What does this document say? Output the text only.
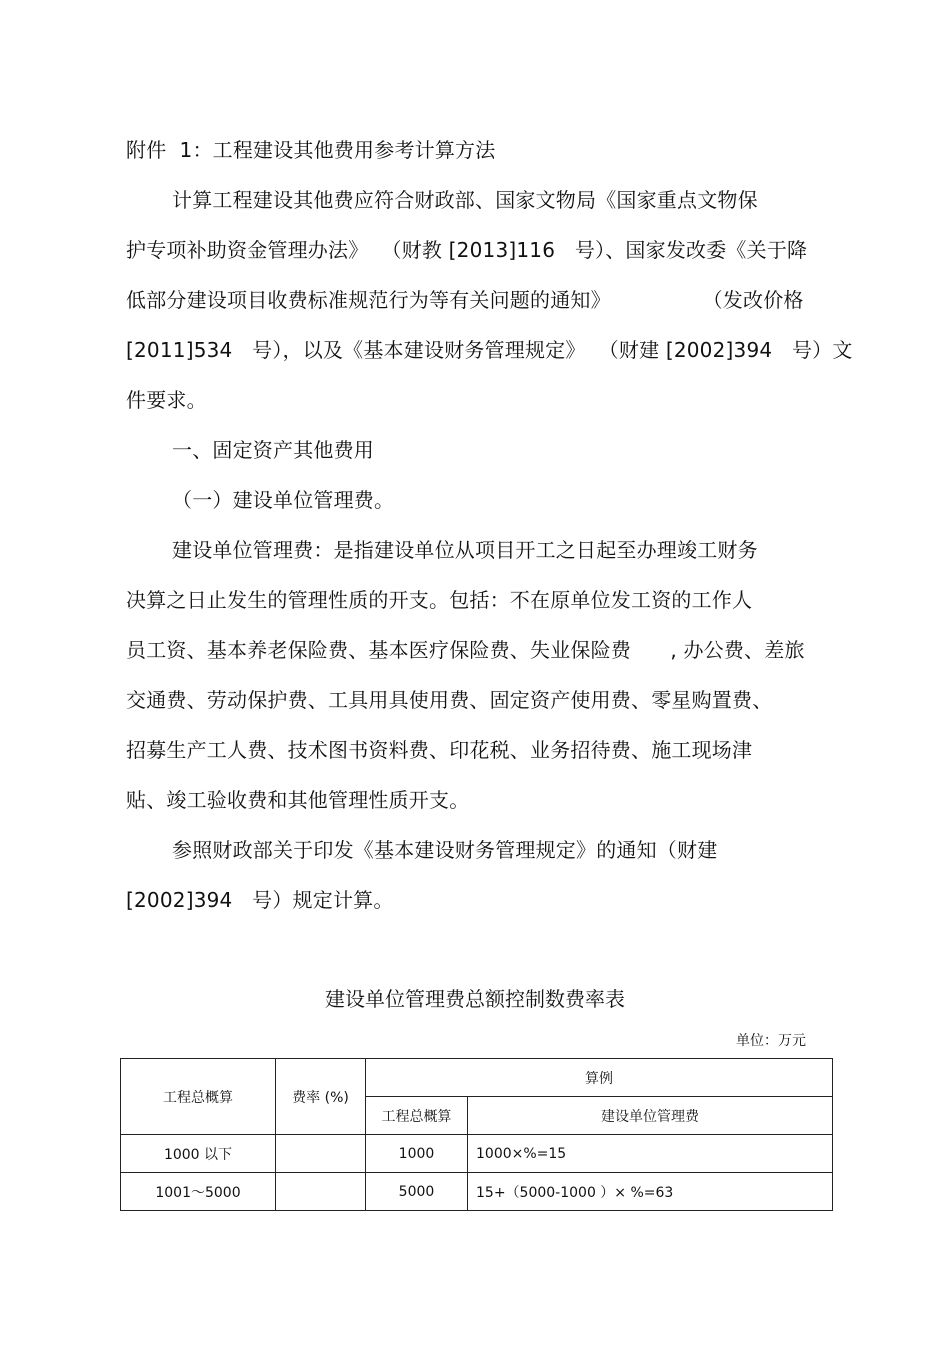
附件  1：工程建设其他费用参考计算方法
计算工程建设其他费应符合财政部、国家文物局《国家重点文物保
护专项补助资金管理办法》  （财教 [2013]116   号）、国家发改委《关于降
低部分建设项目收费标准规范行为等有关问题的通知》              （发改价格
[2011]534   号），以及《基本建设财务管理规定》  （财建 [2002]394   号）文
件要求。
一、固定资产其他费用
（一）建设单位管理费。
建设单位管理费：是指建设单位从项目开工之日起至办理竣工财务
决算之日止发生的管理性质的开支。包括：不在原单位发工资的工作人
员工资、基本养老保险费、基本医疗保险费、失业保险费      , 办公费、差旅
交通费、劳动保护费、工具用具使用费、固定资产使用费、零星购置费、
招募生产工人费、技术图书资料费、印花税、业务招待费、施工现场津
贴、竣工验收费和其他管理性质开支。
参照财政部关于印发《基本建设财务管理规定》的通知（财建
[2002]394   号）规定计算。
建设单位管理费总额控制数费率表
单位：万元
工程总概算	费率 (%)	算例	
		工程总概算	建设单位管理费
1000 以下		1000	1000×%=15
1001～5000		5000	15+（5000-1000 ）× %=63
